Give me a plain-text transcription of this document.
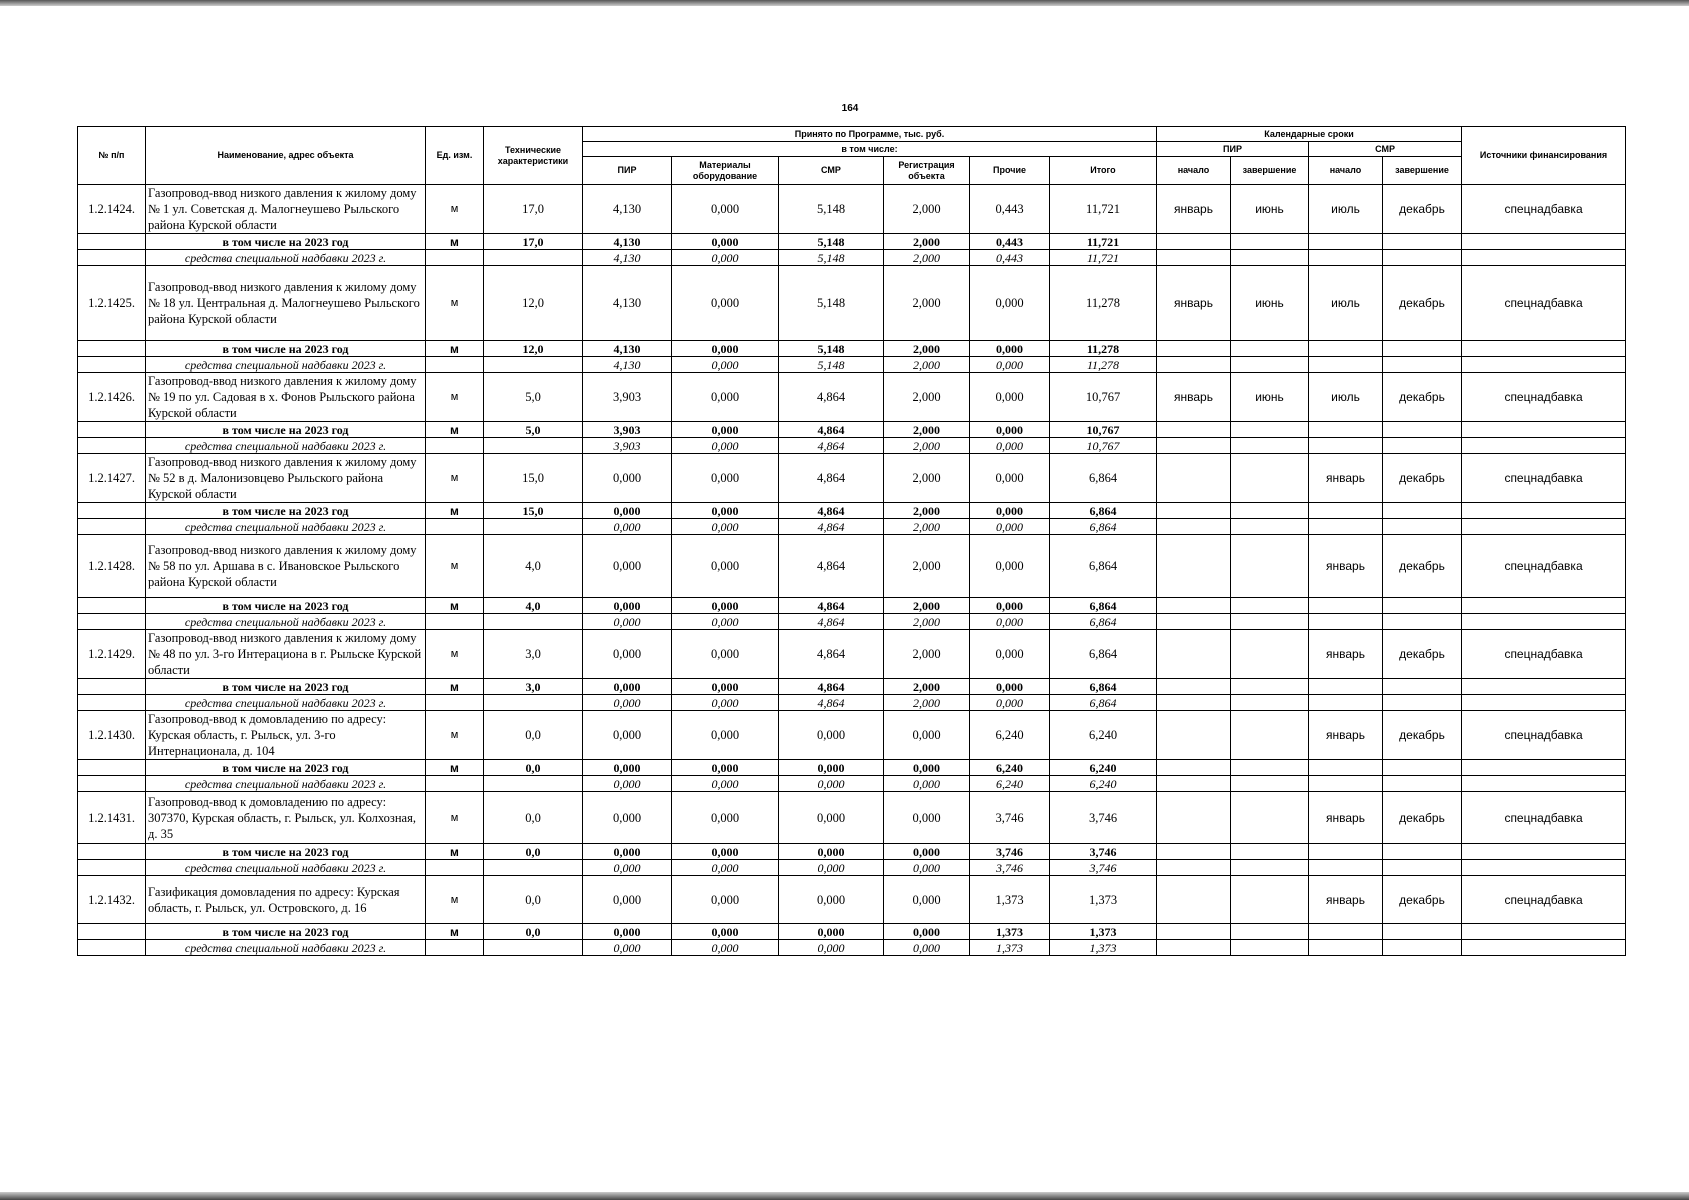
164
№ п/п	Наименование, адрес объекта	Ед. изм.	Технические характеристики	Принято по Программе, тыс. руб.						Календарные сроки				Источники финансирования
				в том числе:						ПИР		СМР		
				ПИР	Материалы оборудование	СМР	Регистрация объекта	Прочие	Итого	начало	завершение	начало	завершение	
1.2.1424.	Газопровод-ввод низкого давления к жилому дому № 1 ул. Советская д. Малогнеушево Рыльского района Курской области	м	17,0	4,130	0,000	5,148	2,000	0,443	11,721	январь	июнь	июль	декабрь	спецнадбавка
	в том числе на 2023 год	м	17,0	4,130	0,000	5,148	2,000	0,443	11,721					
	средства специальной надбавки 2023 г.			4,130	0,000	5,148	2,000	0,443	11,721					
1.2.1425.	Газопровод-ввод низкого давления к жилому дому № 18 ул. Центральная д. Малогнеушево Рыльского района Курской области	м	12,0	4,130	0,000	5,148	2,000	0,000	11,278	январь	июнь	июль	декабрь	спецнадбавка
	в том числе на 2023 год	м	12,0	4,130	0,000	5,148	2,000	0,000	11,278					
	средства специальной надбавки 2023 г.			4,130	0,000	5,148	2,000	0,000	11,278					
1.2.1426.	Газопровод-ввод низкого давления к жилому дому № 19 по ул. Садовая в х. Фонов Рыльского района Курской области	м	5,0	3,903	0,000	4,864	2,000	0,000	10,767	январь	июнь	июль	декабрь	спецнадбавка
	в том числе на 2023 год	м	5,0	3,903	0,000	4,864	2,000	0,000	10,767					
	средства специальной надбавки 2023 г.			3,903	0,000	4,864	2,000	0,000	10,767					
1.2.1427.	Газопровод-ввод низкого давления к жилому дому № 52 в д. Малонизовцево Рыльского района Курской области	м	15,0	0,000	0,000	4,864	2,000	0,000	6,864			январь	декабрь	спецнадбавка
	в том числе на 2023 год	м	15,0	0,000	0,000	4,864	2,000	0,000	6,864					
	средства специальной надбавки 2023 г.			0,000	0,000	4,864	2,000	0,000	6,864					
1.2.1428.	Газопровод-ввод низкого давления к жилому дому № 58 по ул. Аршава в с. Ивановское Рыльского района Курской области	м	4,0	0,000	0,000	4,864	2,000	0,000	6,864			январь	декабрь	спецнадбавка
	в том числе на 2023 год	м	4,0	0,000	0,000	4,864	2,000	0,000	6,864					
	средства специальной надбавки 2023 г.			0,000	0,000	4,864	2,000	0,000	6,864					
1.2.1429.	Газопровод-ввод низкого давления к жилому дому № 48 по ул. 3-го Интерациона в г. Рыльске Курской области	м	3,0	0,000	0,000	4,864	2,000	0,000	6,864			январь	декабрь	спецнадбавка
	в том числе на 2023 год	м	3,0	0,000	0,000	4,864	2,000	0,000	6,864					
	средства специальной надбавки 2023 г.			0,000	0,000	4,864	2,000	0,000	6,864					
1.2.1430.	Газопровод-ввод к домовладению по адресу: Курская область, г. Рыльск, ул. 3-го Интернационала, д. 104	м	0,0	0,000	0,000	0,000	0,000	6,240	6,240			январь	декабрь	спецнадбавка
	в том числе на 2023 год	м	0,0	0,000	0,000	0,000	0,000	6,240	6,240					
	средства специальной надбавки 2023 г.			0,000	0,000	0,000	0,000	6,240	6,240					
1.2.1431.	Газопровод-ввод к домовладению по адресу: 307370, Курская область, г. Рыльск, ул. Колхозная, д. 35	м	0,0	0,000	0,000	0,000	0,000	3,746	3,746			январь	декабрь	спецнадбавка
	в том числе на 2023 год	м	0,0	0,000	0,000	0,000	0,000	3,746	3,746					
	средства специальной надбавки 2023 г.			0,000	0,000	0,000	0,000	3,746	3,746					
1.2.1432.	Газификация домовладения по адресу: Курская область, г. Рыльск, ул. Островского, д. 16	м	0,0	0,000	0,000	0,000	0,000	1,373	1,373			январь	декабрь	спецнадбавка
	в том числе на 2023 год	м	0,0	0,000	0,000	0,000	0,000	1,373	1,373					
	средства специальной надбавки 2023 г.			0,000	0,000	0,000	0,000	1,373	1,373					
